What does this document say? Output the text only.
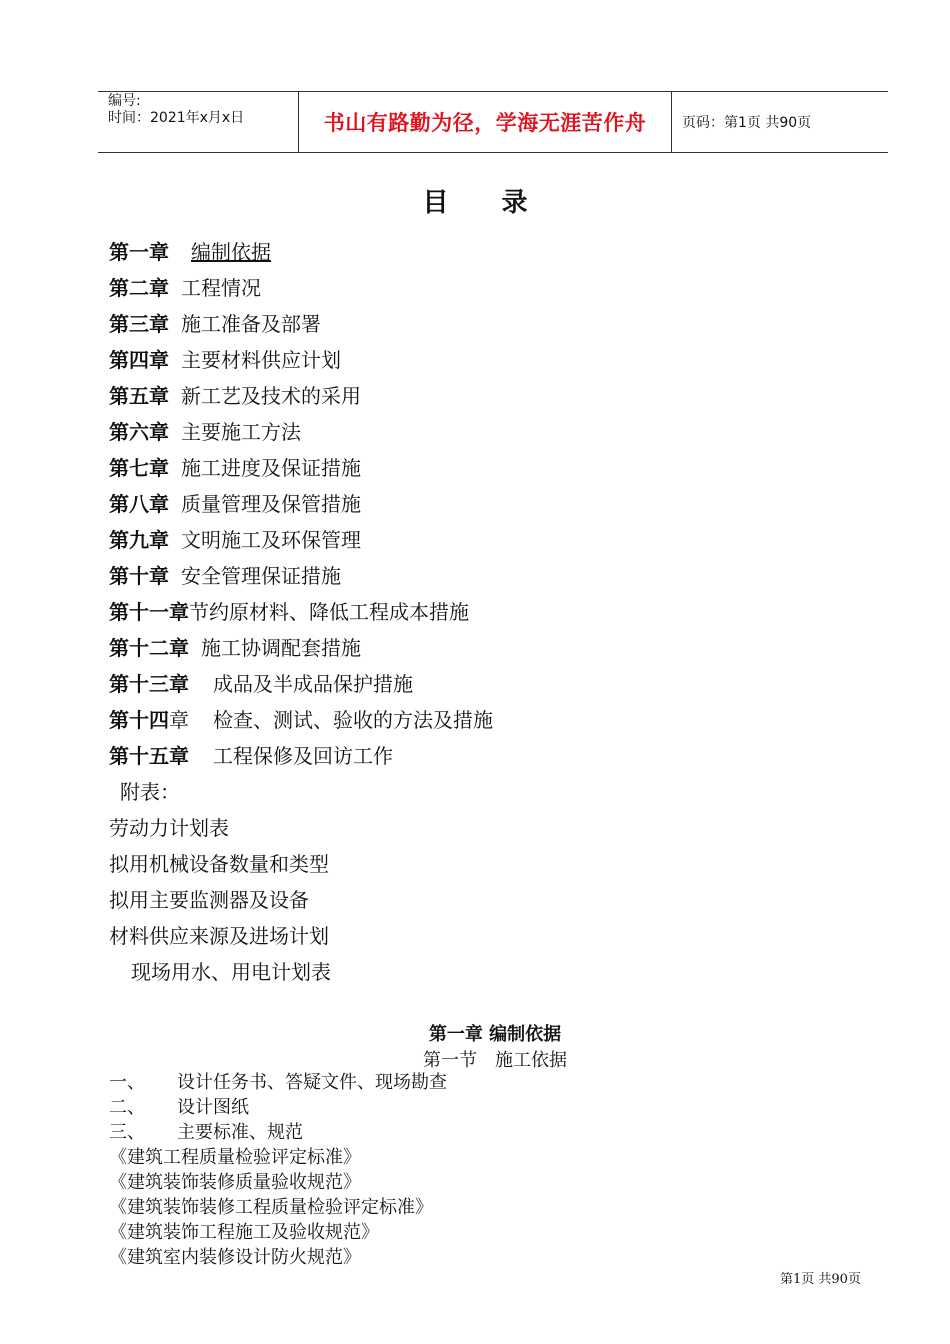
编号:
时间：2021年x月x日	书山有路勤为径，学海无涯苦作舟	页码：第1页 共90页
目 录
第一章 编制依据
第二章 工程情况
第三章 施工准备及部署
第四章 主要材料供应计划
第五章 新工艺及技术的采用
第六章 主要施工方法
第七章 施工进度及保证措施
第八章 质量管理及保管措施
第九章 文明施工及环保管理
第十章 安全管理保证措施
第十一章节约原材料、降低工程成本措施
第十二章 施工协调配套措施
第十三章 成品及半成品保护措施
第十四章 检查、测试、验收的方法及措施
第十五章 工程保修及回访工作
附表：
劳动力计划表
拟用机械设备数量和类型
拟用主要监测器及设备
材料供应来源及进场计划
现场用水、用电计划表
第一章 编制依据
第一节　施工依据
一、 设计任务书、答疑文件、现场勘查
二、 设计图纸
三、 主要标准、规范
《建筑工程质量检验评定标准》
《建筑装饰装修质量验收规范》
《建筑装饰装修工程质量检验评定标准》
《建筑装饰工程施工及验收规范》
《建筑室内装修设计防火规范》
第1页 共90页
